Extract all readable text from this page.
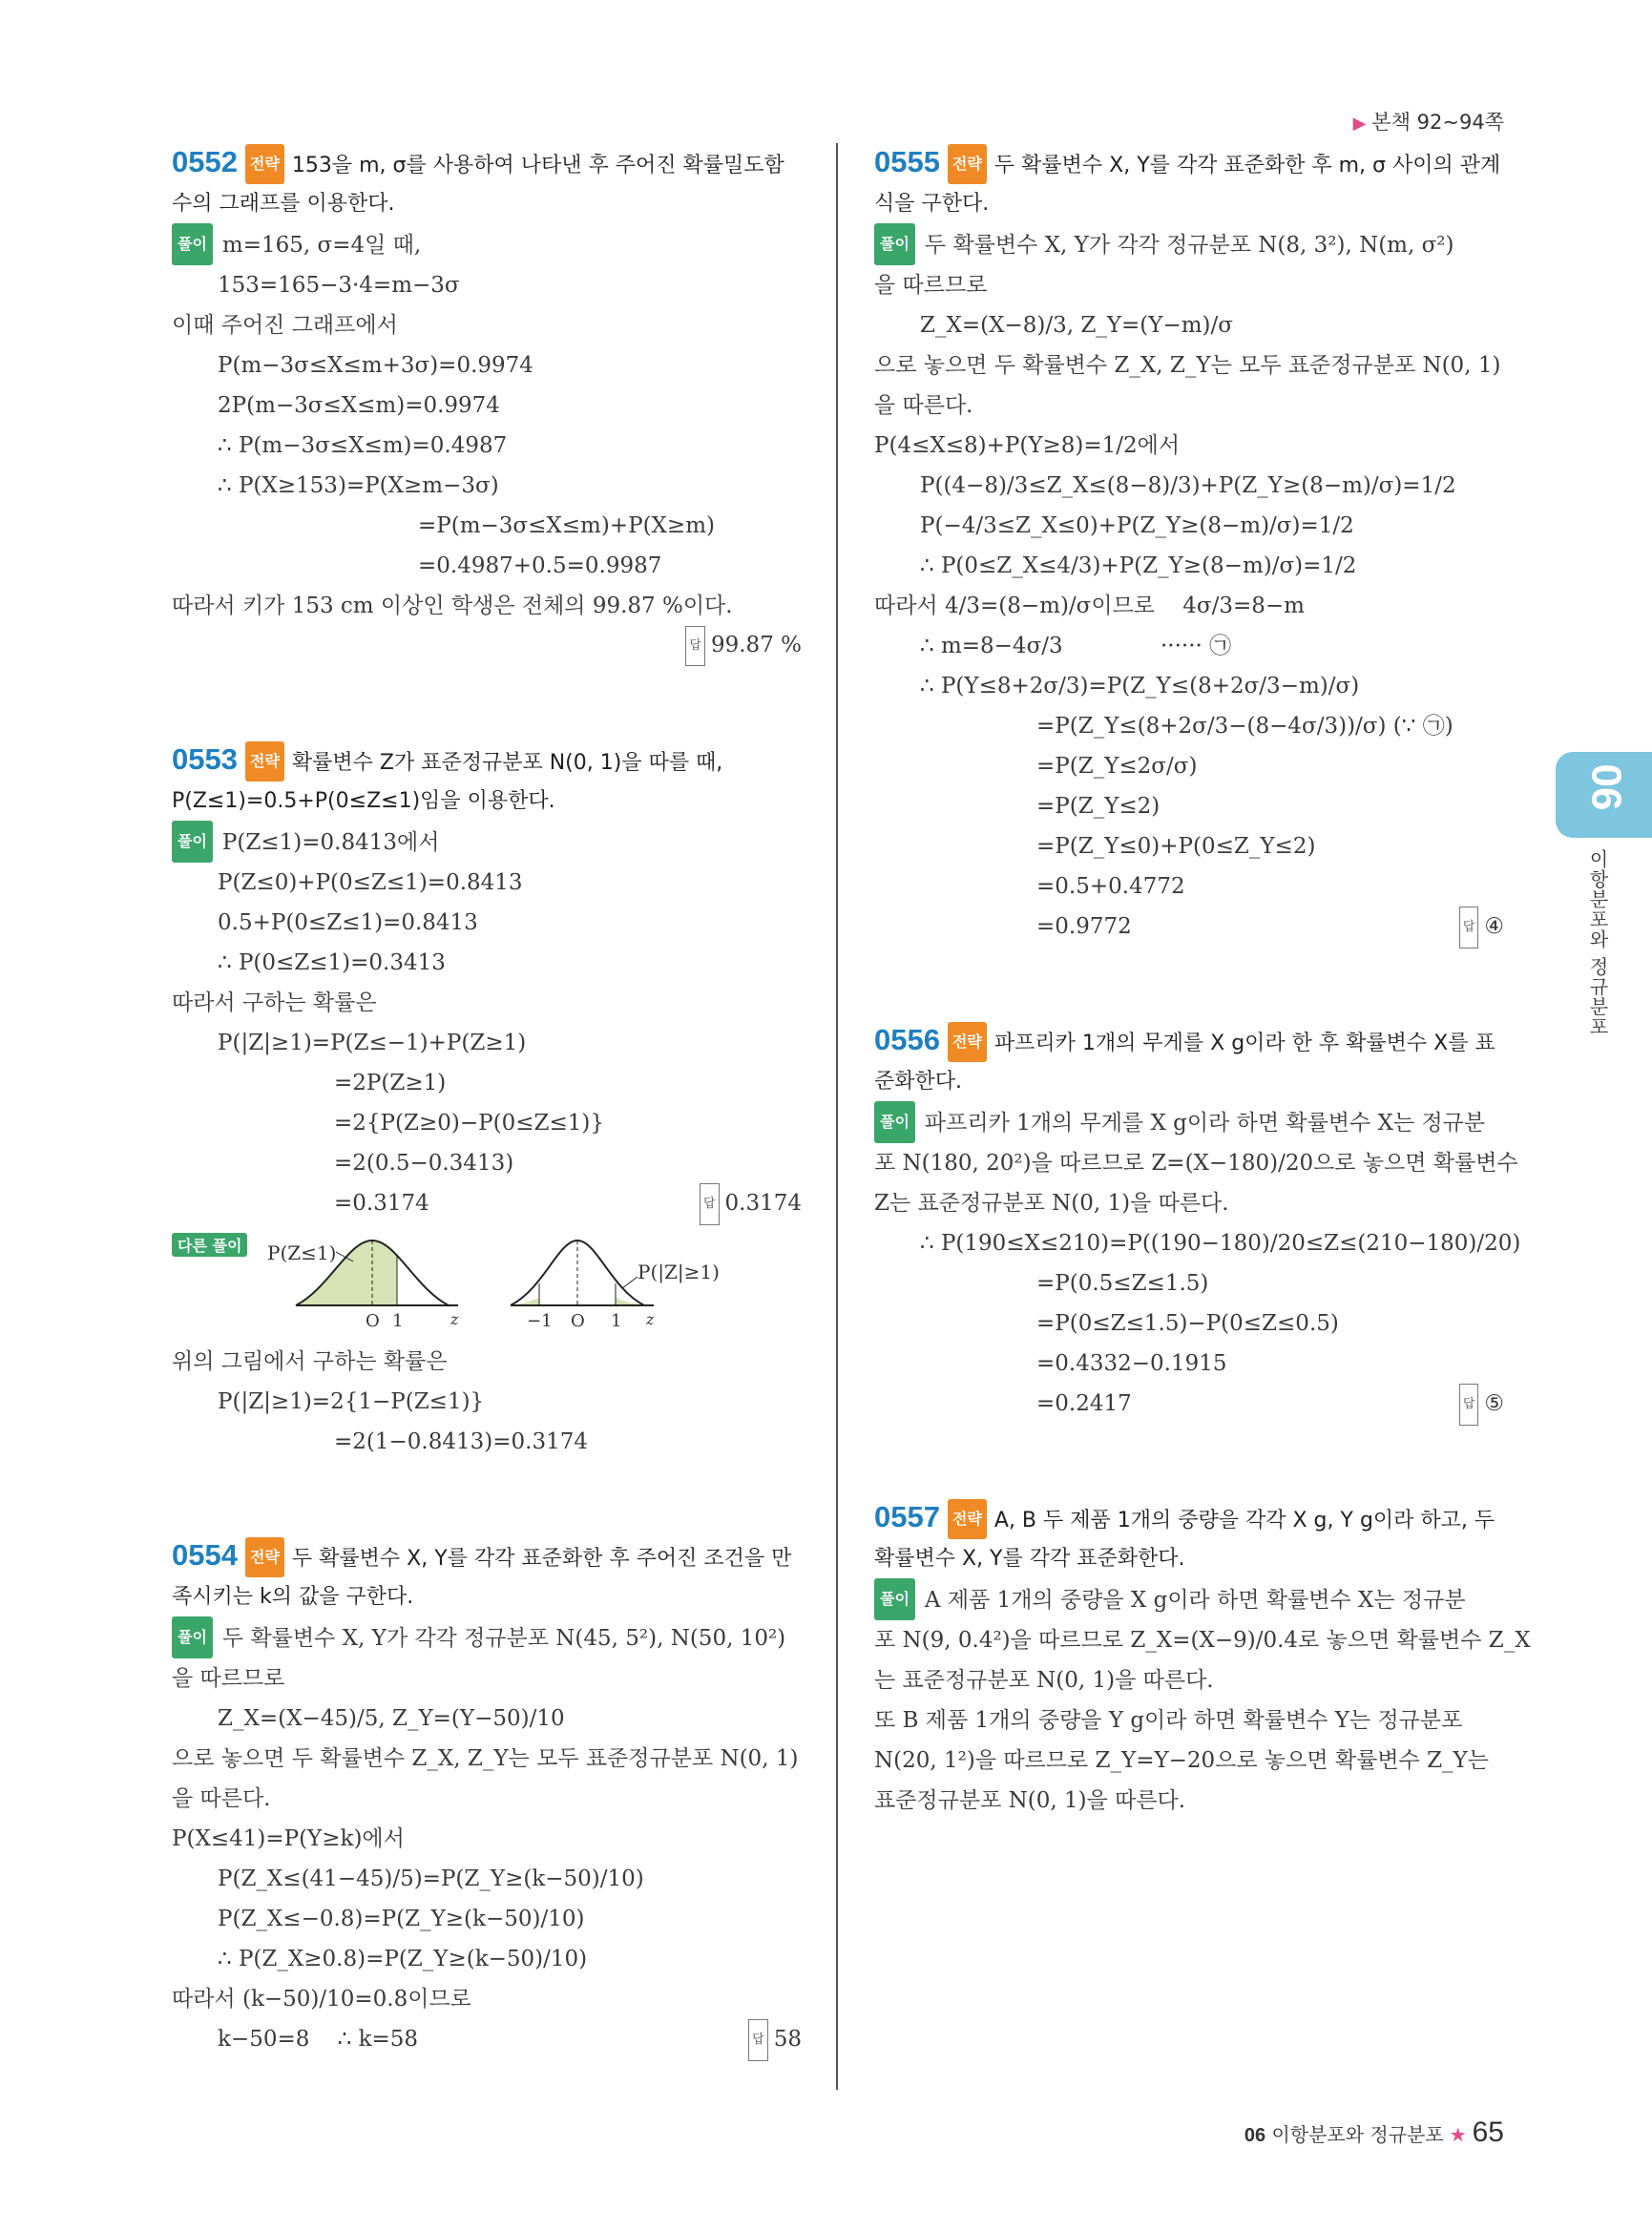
▶ 본책 92~94쪽
0552 전략 153을 m, σ를 사용하여 나타낸 후 주어진 확률밀도함수의 그래프를 이용한다.
풀이 m=165, σ=4일 때,
153=165−3·4=m−3σ
이때 주어진 그래프에서
P(m−3σ≤X≤m+3σ)=0.9974
2P(m−3σ≤X≤m)=0.9974
∴ P(m−3σ≤X≤m)=0.4987
∴ P(X≥153)=P(X≥m−3σ)
=P(m−3σ≤X≤m)+P(X≥m)
=0.4987+0.5=0.9987
따라서 키가 153 cm 이상인 학생은 전체의 99.87 %이다.
답 99.87 %
0553 전략 확률변수 Z가 표준정규분포 N(0, 1)을 따를 때, P(Z≤1)=0.5+P(0≤Z≤1)임을 이용한다.
풀이 P(Z≤1)=0.8413에서
P(Z≤0)+P(0≤Z≤1)=0.8413
0.5+P(0≤Z≤1)=0.8413
∴ P(0≤Z≤1)=0.3413
따라서 구하는 확률은
P(|Z|≥1)=P(Z≤−1)+P(Z≥1)
=2P(Z≥1)
=2{P(Z≥0)−P(0≤Z≤1)}
=2(0.5−0.3413)
=0.3174	답 0.3174
다른 풀이	P(Z≤1)
O 1	z
P(|Z|≥1)
−1 O 1 z
위의 그림에서 구하는 확률은
P(|Z|≥1)=2{1−P(Z≤1)}
=2(1−0.8413)=0.3174
0554 전략 두 확률변수 X, Y를 각각 표준화한 후 주어진 조건을 만족시키는 k의 값을 구한다.
풀이 두 확률변수 X, Y가 각각 정규분포 N(45, 5²), N(50, 10²)
을 따르므로
Z_X=(X−45)/5, Z_Y=(Y−50)/10
으로 놓으면 두 확률변수 Z_X, Z_Y는 모두 표준정규분포 N(0, 1)
을 따른다.
P(X≤41)=P(Y≥k)에서
P(Z_X≤(41−45)/5)=P(Z_Y≥(k−50)/10)
P(Z_X≤−0.8)=P(Z_Y≥(k−50)/10)
∴ P(Z_X≥0.8)=P(Z_Y≥(k−50)/10)
따라서 (k−50)/10=0.8이므로
k−50=8    ∴ k=58	답 58
0555 전략 두 확률변수 X, Y를 각각 표준화한 후 m, σ 사이의 관계식을 구한다.
풀이 두 확률변수 X, Y가 각각 정규분포 N(8, 3²), N(m, σ²)
을 따르므로
Z_X=(X−8)/3, Z_Y=(Y−m)/σ
으로 놓으면 두 확률변수 Z_X, Z_Y는 모두 표준정규분포 N(0, 1)
을 따른다.
P(4≤X≤8)+P(Y≥8)=1/2에서
P((4−8)/3≤Z_X≤(8−8)/3)+P(Z_Y≥(8−m)/σ)=1/2
P(−4/3≤Z_X≤0)+P(Z_Y≥(8−m)/σ)=1/2
∴ P(0≤Z_X≤4/3)+P(Z_Y≥(8−m)/σ)=1/2
따라서 4/3=(8−m)/σ이므로    4σ/3=8−m
∴ m=8−4σ/3              ······ ㉠
∴ P(Y≤8+2σ/3)=P(Z_Y≤(8+2σ/3−m)/σ)
=P(Z_Y≤(8+2σ/3−(8−4σ/3))/σ) (∵ ㉠)
=P(Z_Y≤2σ/σ)
=P(Z_Y≤2)
=P(Z_Y≤0)+P(0≤Z_Y≤2)
=0.5+0.4772
=0.9772	답 ④
0556 전략 파프리카 1개의 무게를 X g이라 한 후 확률변수 X를 표준화한다.
풀이 파프리카 1개의 무게를 X g이라 하면 확률변수 X는 정규분
포 N(180, 20²)을 따르므로 Z=(X−180)/20으로 놓으면 확률변수
Z는 표준정규분포 N(0, 1)을 따른다.
∴ P(190≤X≤210)=P((190−180)/20≤Z≤(210−180)/20)
=P(0.5≤Z≤1.5)
=P(0≤Z≤1.5)−P(0≤Z≤0.5)
=0.4332−0.1915
=0.2417	답 ⑤
0557 전략 A, B 두 제품 1개의 중량을 각각 X g, Y g이라 하고, 두 확률변수 X, Y를 각각 표준화한다.
풀이 A 제품 1개의 중량을 X g이라 하면 확률변수 X는 정규분
포 N(9, 0.4²)을 따르므로 Z_X=(X−9)/0.4로 놓으면 확률변수 Z_X
는 표준정규분포 N(0, 1)을 따른다.
또 B 제품 1개의 중량을 Y g이라 하면 확률변수 Y는 정규분포
N(20, 1²)을 따르므로 Z_Y=Y−20으로 놓으면 확률변수 Z_Y는
표준정규분포 N(0, 1)을 따른다.
06
이항분포와 정규분포
06 이항분포와 정규분포 ★ 65
